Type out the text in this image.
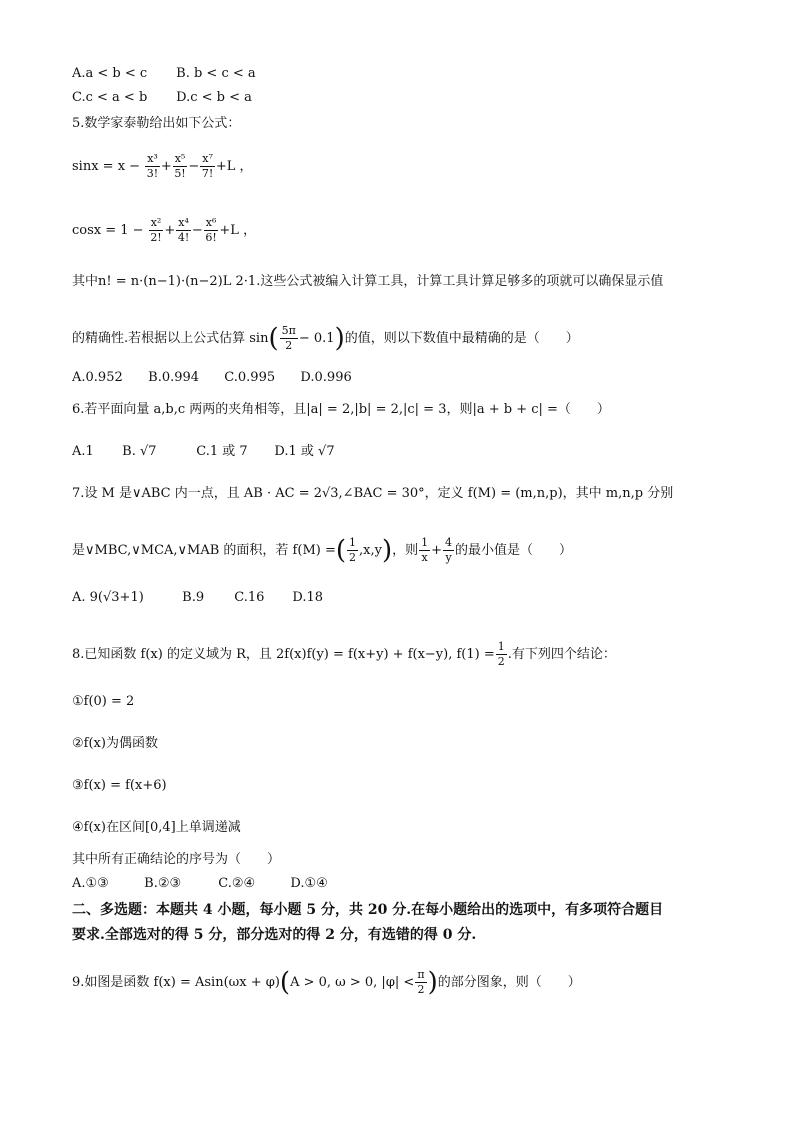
A.a < b < c B. b < c < a
C.c < a < b D.c < b < a
5.数学家泰勒给出如下公式：
$\sin x = x - \frac{\text{x³}}{3!} + \frac{\text{x⁵}}{5!} - \frac{\text{x⁷}}{7!} +L$ ，
$\cos x = 1 - \frac{\text{x²}}{2!} + \frac{\text{x⁴}}{4!} - \frac{\text{x⁶}}{6!} +L$ ，
其中n! = n·(n−1)·(n−2)L 2·1.这些公式被编入计算工具，计算工具计算足够多的项就可以确保显示值
的精确性.若根据以上公式估算 $\sin( \frac{5\pi}{2} - 0.1)$的值，则以下数值中最精确的是（　　）
A.0.952 B.0.994 C.0.995 D.0.996
6.若平面向量 a,b,c 两两的夹角相等，且|a| = 2,|b| = 2,|c| = 3，则|a + b + c| =（　　）
A.1 B. √7	C.1 或 7 D.1 或 √7
7.设 M 是∨ABC 内一点，且 AB · AC = 2√3,∠BAC = 30°，定义 f(M) = (m,n,p)，其中 m,n,p 分别
是∨MBC,∨MCA,∨MAB 的面积，若 f(M) =( $\frac{1}{2} ,x,y$)，则 $\frac{1}{x} + \frac{4}{y}$ 的最小值是（　　）
A. 9(√3+1)	B.9 C.16 D.18
8.已知函数 f(x) 的定义域为 R，且 2f(x)f(y) = f(x+y) + f(x−y), $f(1) = \frac{1}{2}$ .有下列四个结论：
①f(0) = 2
②f(x)为偶函数
③f(x) = f(x+6)
④f(x)在区间[0,4]上单调递减
其中所有正确结论的序号为（　　）
A.①③	B.②③	C.②④	D.①④
二、多选题：本题共 4 小题，每小题 5 分，共 20 分.在每小题给出的选项中，有多项符合题目
要求.全部选对的得 5 分，部分选对的得 2 分，有选错的得 0 分.
9.如图是函数 f(x) = Asin(ωx + φ)(A > 0, ω > 0, $|\varphi| < \frac{\pi}{2}$ )的部分图象，则（　　）
